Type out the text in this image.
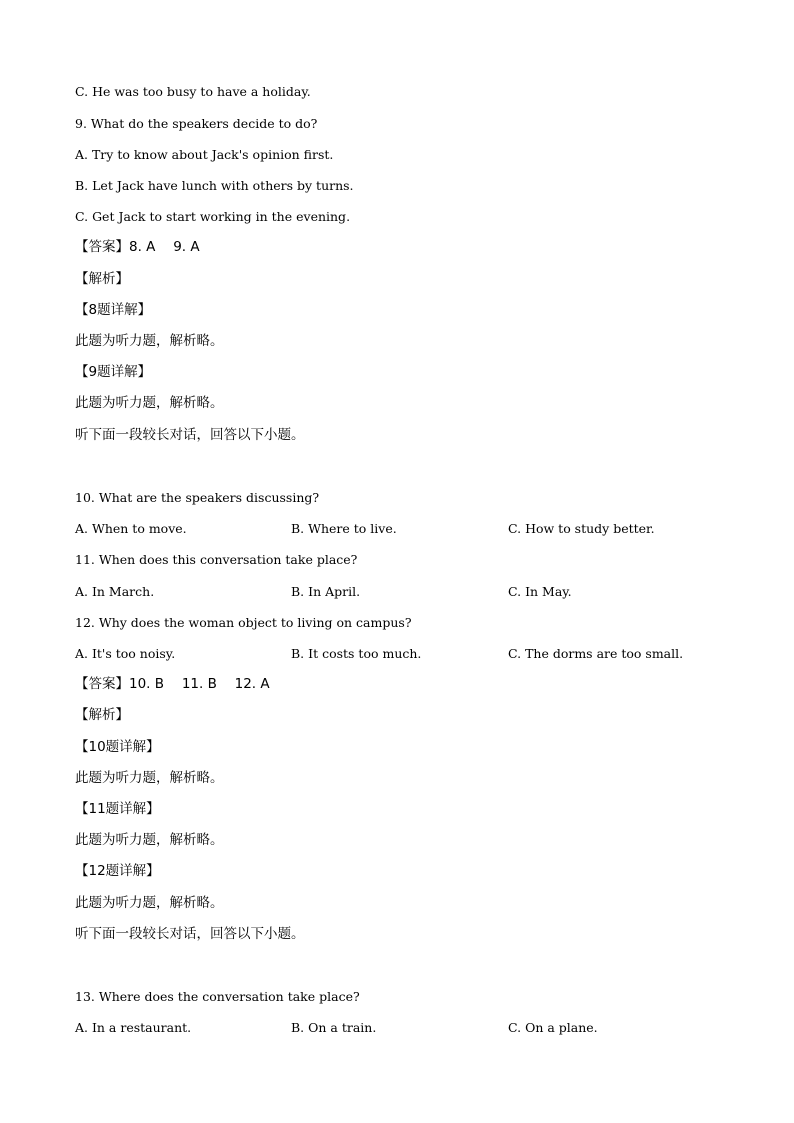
C. He was too busy to have a holiday.
9. What do the speakers decide to do?
A. Try to know about Jack's opinion first.
B. Let Jack have lunch with others by turns.
C. Get Jack to start working in the evening.
【答案】8. A　 9. A
【解析】
【8题详解】
此题为听力题，解析略。
【9题详解】
此题为听力题，解析略。
听下面一段较长对话，回答以下小题。
10. What are the speakers discussing?
A. When to move.	B. Where to live.	C. How to study better.
11. When does this conversation take place?
A. In March.	B. In April.	C. In May.
12. Why does the woman object to living on campus?
A. It's too noisy.	B. It costs too much.	C. The dorms are too small.
【答案】10. B　 11. B　 12. A
【解析】
【10题详解】
此题为听力题，解析略。
【11题详解】
此题为听力题，解析略。
【12题详解】
此题为听力题，解析略。
听下面一段较长对话，回答以下小题。
13. Where does the conversation take place?
A. In a restaurant.	B. On a train.	C. On a plane.
